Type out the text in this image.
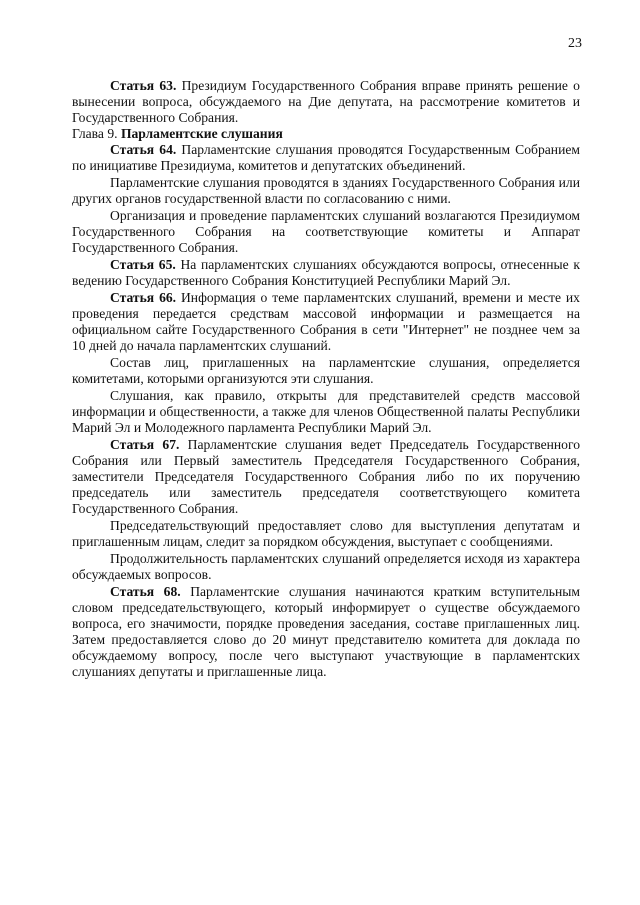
23

Статья 63. Президиум Государственного Собрания вправе принять решение о вынесении вопроса, обсуждаемого на Дие депутата, на рассмотрение комитетов и Государственного Собрания.

Глава 9. Парламентские слушания

Статья 64. Парламентские слушания проводятся Государственным Собранием по инициативе Президиума, комитетов и депутатских объединений.

Парламентские слушания проводятся в зданиях Государственного Собрания или других органов государственной власти по согласованию с ними.

Организация и проведение парламентских слушаний возлагаются Президиумом Государственного Собрания на соответствующие комитеты и Аппарат Государственного Собрания.

Статья 65. На парламентских слушаниях обсуждаются вопросы, отнесенные к ведению Государственного Собрания Конституцией Республики Марий Эл.

Статья 66. Информация о теме парламентских слушаний, времени и месте их проведения передается средствам массовой информации и размещается на официальном сайте Государственного Собрания в сети "Интернет" не позднее чем за 10 дней до начала парламентских слушаний.

Состав лиц, приглашенных на парламентские слушания, определяется комитетами, которыми организуются эти слушания.

Слушания, как правило, открыты для представителей средств массовой информации и общественности, а также для членов Общественной палаты Республики Марий Эл и Молодежного парламента Республики Марий Эл.

Статья 67. Парламентские слушания ведет Председатель Государственного Собрания или Первый заместитель Председателя Государственного Собрания, заместители Председателя Государственного Собрания либо по их поручению председатель или заместитель председателя соответствующего комитета Государственного Собрания.

Председательствующий предоставляет слово для выступления депутатам и приглашенным лицам, следит за порядком обсуждения, выступает с сообщениями.

Продолжительность парламентских слушаний определяется исходя из характера обсуждаемых вопросов.

Статья 68. Парламентские слушания начинаются кратким вступительным словом председательствующего, который информирует о существе обсуждаемого вопроса, его значимости, порядке проведения заседания, составе приглашенных лиц. Затем предоставляется слово до 20 минут представителю комитета для доклада по обсуждаемому вопросу, после чего выступают участвующие в парламентских слушаниях депутаты и приглашенные лица.
